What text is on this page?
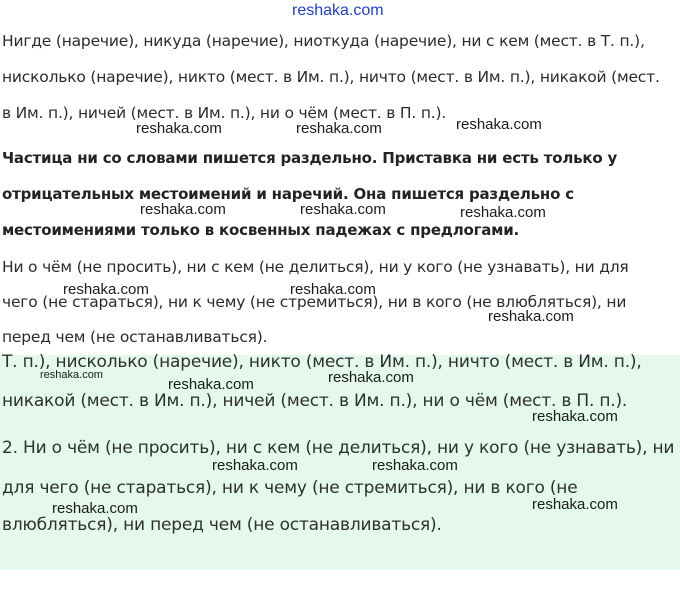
reshaka.com
Нигде (наречие), никуда (наречие), ниоткуда (наречие), ни с кем (мест. в Т. п.),
нисколько (наречие), никто (мест. в Им. п.), ничто (мест. в Им. п.), никакой (мест.
в Им. п.), ничей (мест. в Им. п.), ни о чём (мест. в П. п.).
Частица ни со словами пишется раздельно. Приставка ни есть только у
отрицательных местоимений и наречий. Она пишется раздельно с
местоимениями только в косвенных падежах с предлогами.
Ни о чём (не просить), ни с кем (не делиться), ни у кого (не узнавать), ни для
чего (не стараться), ни к чему (не стремиться), ни в кого (не влюбляться), ни
перед чем (не останавливаться).
Т. п.), нисколько (наречие), никто (мест. в Им. п.), ничто (мест. в Им. п.),
никакой (мест. в Им. п.), ничей (мест. в Им. п.), ни о чём (мест. в П. п.).
2. Ни о чём (не просить), ни с кем (не делиться), ни у кого (не узнавать), ни
для чего (не стараться), ни к чему (не стремиться), ни в кого (не
влюбляться), ни перед чем (не останавливаться).
reshaka.com	reshaka.com	reshaka.com
reshaka.com	reshaka.com	reshaka.com
reshaka.com	reshaka.com
reshaka.com
reshaka.com
reshaka.com	reshaka.com
reshaka.com
reshaka.com	reshaka.com
reshaka.com	reshaka.com
